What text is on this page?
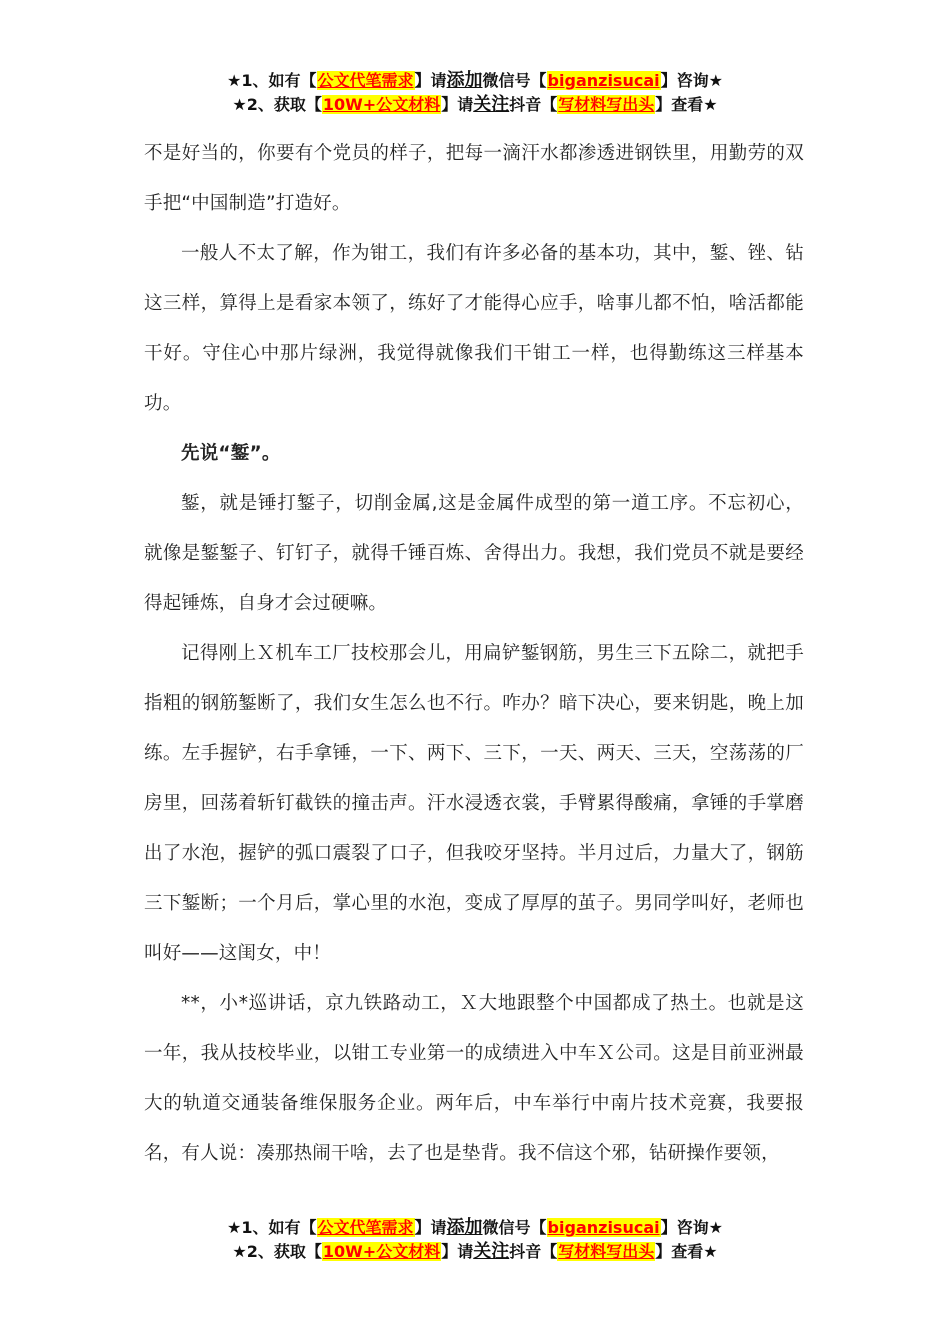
★1、如有【公文代笔需求】请添加微信号【biganzisucai】咨询★
★2、获取【10W+公文材料】请关注抖音【写材料写出头】查看★

不是好当的，你要有个党员的样子，把每一滴汗水都渗透进钢铁里，用勤劳的双手把“中国制造”打造好。

一般人不太了解，作为钳工，我们有许多必备的基本功，其中，錾、锉、钻这三样，算得上是看家本领了，练好了才能得心应手，啥事儿都不怕，啥活都能干好。守住心中那片绿洲，我觉得就像我们干钳工一样，也得勤练这三样基本功。

先说“錾”。

錾，就是锤打錾子，切削金属,这是金属件成型的第一道工序。不忘初心，就像是錾錾子、钉钉子，就得千锤百炼、舍得出力。我想，我们党员不就是要经得起锤炼，自身才会过硬嘛。

记得刚上Ｘ机车工厂技校那会儿，用扁铲錾钢筋，男生三下五除二，就把手指粗的钢筋錾断了，我们女生怎么也不行。咋办？暗下决心，要来钥匙，晚上加练。左手握铲，右手拿锤，一下、两下、三下，一天、两天、三天，空荡荡的厂房里，回荡着斩钉截铁的撞击声。汗水浸透衣裳，手臂累得酸痛，拿锤的手掌磨出了水泡，握铲的弧口震裂了口子，但我咬牙坚持。半月过后，力量大了，钢筋三下錾断；一个月后，掌心里的水泡，变成了厚厚的茧子。男同学叫好，老师也叫好——这闺女，中！

**，小*巡讲话，京九铁路动工，Ｘ大地跟整个中国都成了热土。也就是这一年，我从技校毕业，以钳工专业第一的成绩进入中车Ｘ公司。这是目前亚洲最大的轨道交通装备维保服务企业。两年后，中车举行中南片技术竞赛，我要报名，有人说：凑那热闹干啥，去了也是垫背。我不信这个邪，钻研操作要领，

★1、如有【公文代笔需求】请添加微信号【biganzisucai】咨询★
★2、获取【10W+公文材料】请关注抖音【写材料写出头】查看★
